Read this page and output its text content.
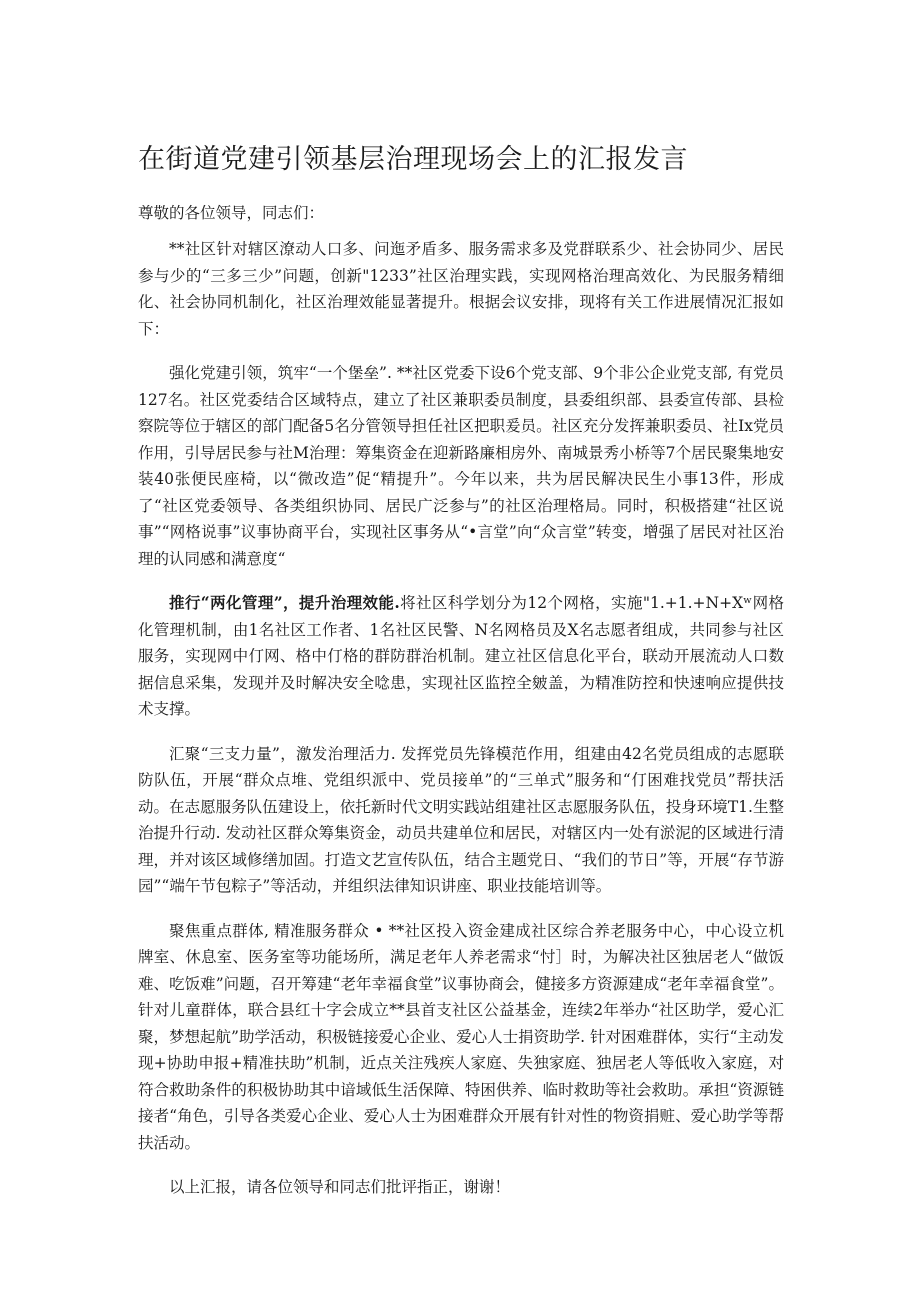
在街道党建引领基层治理现场会上的汇报发言

尊敬的各位领导，同志们：

**社区针对辖区潦动人口多、问迤矛盾多、服务需求多及党群联系少、社会协同少、居民参与少的“三多三少”问题，创新"1233”社区治理实践，实现网格治理高效化、为民服务精细化、社会协同机制化，社区治理效能显著提升。根据会议安排，现将有关工作进展情况汇报如下：

强化党建引领，筑牢“一个堡垒”. **社区党委下设6个党支部、9个非公企业党支部, 有党员127名。社区党委结合区域特点，建立了社区兼职委员制度，县委组织部、县委宣传部、县检察院等位于辖区的部门配备5名分管领导担任社区把职爰员。社区充分发挥兼职委员、社Ix党员作用，引导居民参与社M治理：筹集资金在迎新路廉相房外、南城景秀小桥等7个居民聚集地安装40张便民座椅，以“微改造”促“精提升”。今年以来，共为居民解决民生小事13件，形成了“社区党委领导、各类组织协同、居民广泛参与”的社区治理格局。同时，积极搭建“社区说事”“网格说事”议事协商平台，实现社区事务从“•言堂”向“众言堂”转变，增强了居民对社区治理的认同感和满意度“

推行“两化管理”，提升治理效能.将社区科学划分为12个网格，实施"1.+1.+N+Xʷ网格化管理机制，由1名社区工作者、1名社区民警、N名网格员及X名志愿者组成，共同参与社区服务，实现网中仃网、格中仃格的群防群治机制。建立社区信息化平台，联动开展流动人口数据信息采集，发现并及时解决安全唸患，实现社区监控全皴盖，为精准防控和快速响应提供技术支撑。

汇聚“三支力量”，激发治理活力. 发挥党员先锋模范作用，组建由42名党员组成的志愿联防队伍，开展“群众点堆、党组织派中、党员接单”的“三单式”服务和“仃困难找党员”帮扶活动。在志愿服务队伍建设上，依托新时代文明实践站组建社区志愿服务队伍，投身环境T1.生整治提升行动. 发动社区群众筹集资金，动员共建单位和居民，对辖区内一处有淤泥的区域进行清理，并对该区域修缮加固。打造文艺宣传队伍，结合主题党日、“我们的节日”等，开展“存节游园”“端午节包粽子”等活动，并组织法律知识讲座、职业技能培训等。

聚焦重点群体, 精准服务群众 • **社区投入资金建成社区综合养老服务中心，中心设立机牌室、休息室、医务室等功能场所，满足老年人养老需求“忖］时，为解决社区独居老人“做饭难、吃饭难”问题，召开筹建“老年幸福食堂”议事协商会，健接多方资源建成“老年幸福食堂”。针对儿童群体，联合县红十字会成立**县首支社区公益基金，连续2年举办“社区助学，爱心汇聚，梦想起航”助学活动，积极链接爱心企业、爱心人士捐资助学. 针对困难群体，实行“主动发现+协助申报+精准扶助”机制，近点关注残疾人家庭、失独家庭、独居老人等低收入家庭，对符合救助条件的积极协助其中谙域低生活保障、特困供养、临时救助等社会救助。承担“资源链接者“角色，引导各类爱心企业、爱心人士为困难群众开展有针对性的物资捐赃、爱心助学等帮扶活动。

以上汇报，请各位领导和同志们批评指正，谢谢！
